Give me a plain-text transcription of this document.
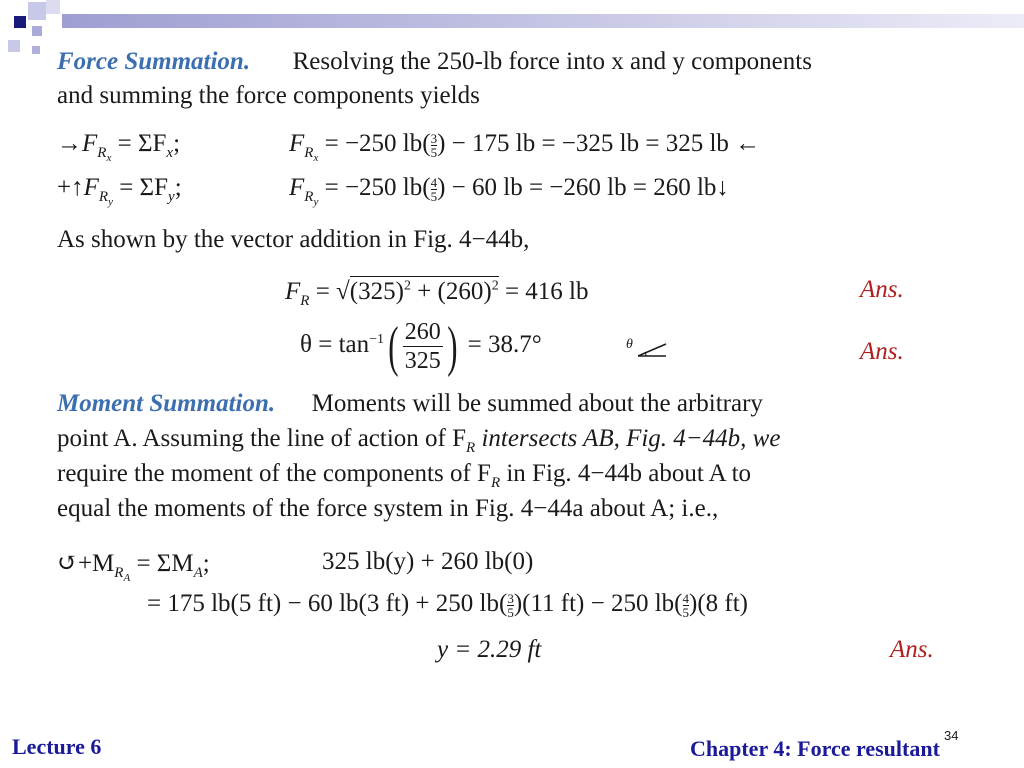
Force Summation. Resolving the 250-lb force into x and y components
and summing the force components yields
$\to F_{R_x} = \Sigma F_x$;	$F_{R_x} = -250$ $lb( \frac{3}{5}$ ) − 175 lb = −325 lb = 325 lb ←
$+↑F_{R_y} = \Sigma F_y$;	$F_{R_y} = -250$ $lb( \frac{4}{5}$ ) − 60 lb = −260 lb = 260 lb↓
As shown by the vector addition in Fig. 4−44b,
$F_R = √(325)^2 + (260)^2 = 416$ lb	Ans.
$\theta = \tan^{-1}( \frac{260}{325}$ ) = 38.7°	θ	Ans.
Moment Summation. Moments will be summed about the arbitrary
point A. Assuming the line of action of $F_R$ intersects AB, Fig. 4−44b, we
require the moment of the components of $F_R$ in Fig. 4−44b about A to
equal the moments of the force system in Fig. 4−44a about A; i.e.,
$↺+M_{R_A} = \Sigma M_A$;	325 lb(y) + 260 lb(0)
= 175 lb(5 ft) − 60 lb(3 ft) + 250 $lb( \frac{3}{5} )(11$ ft) − 250 $lb( \frac{4}{5} )(8$ ft)
y = 2.29 ft	Ans.
34
Lecture 6	Chapter 4: Force resultant
